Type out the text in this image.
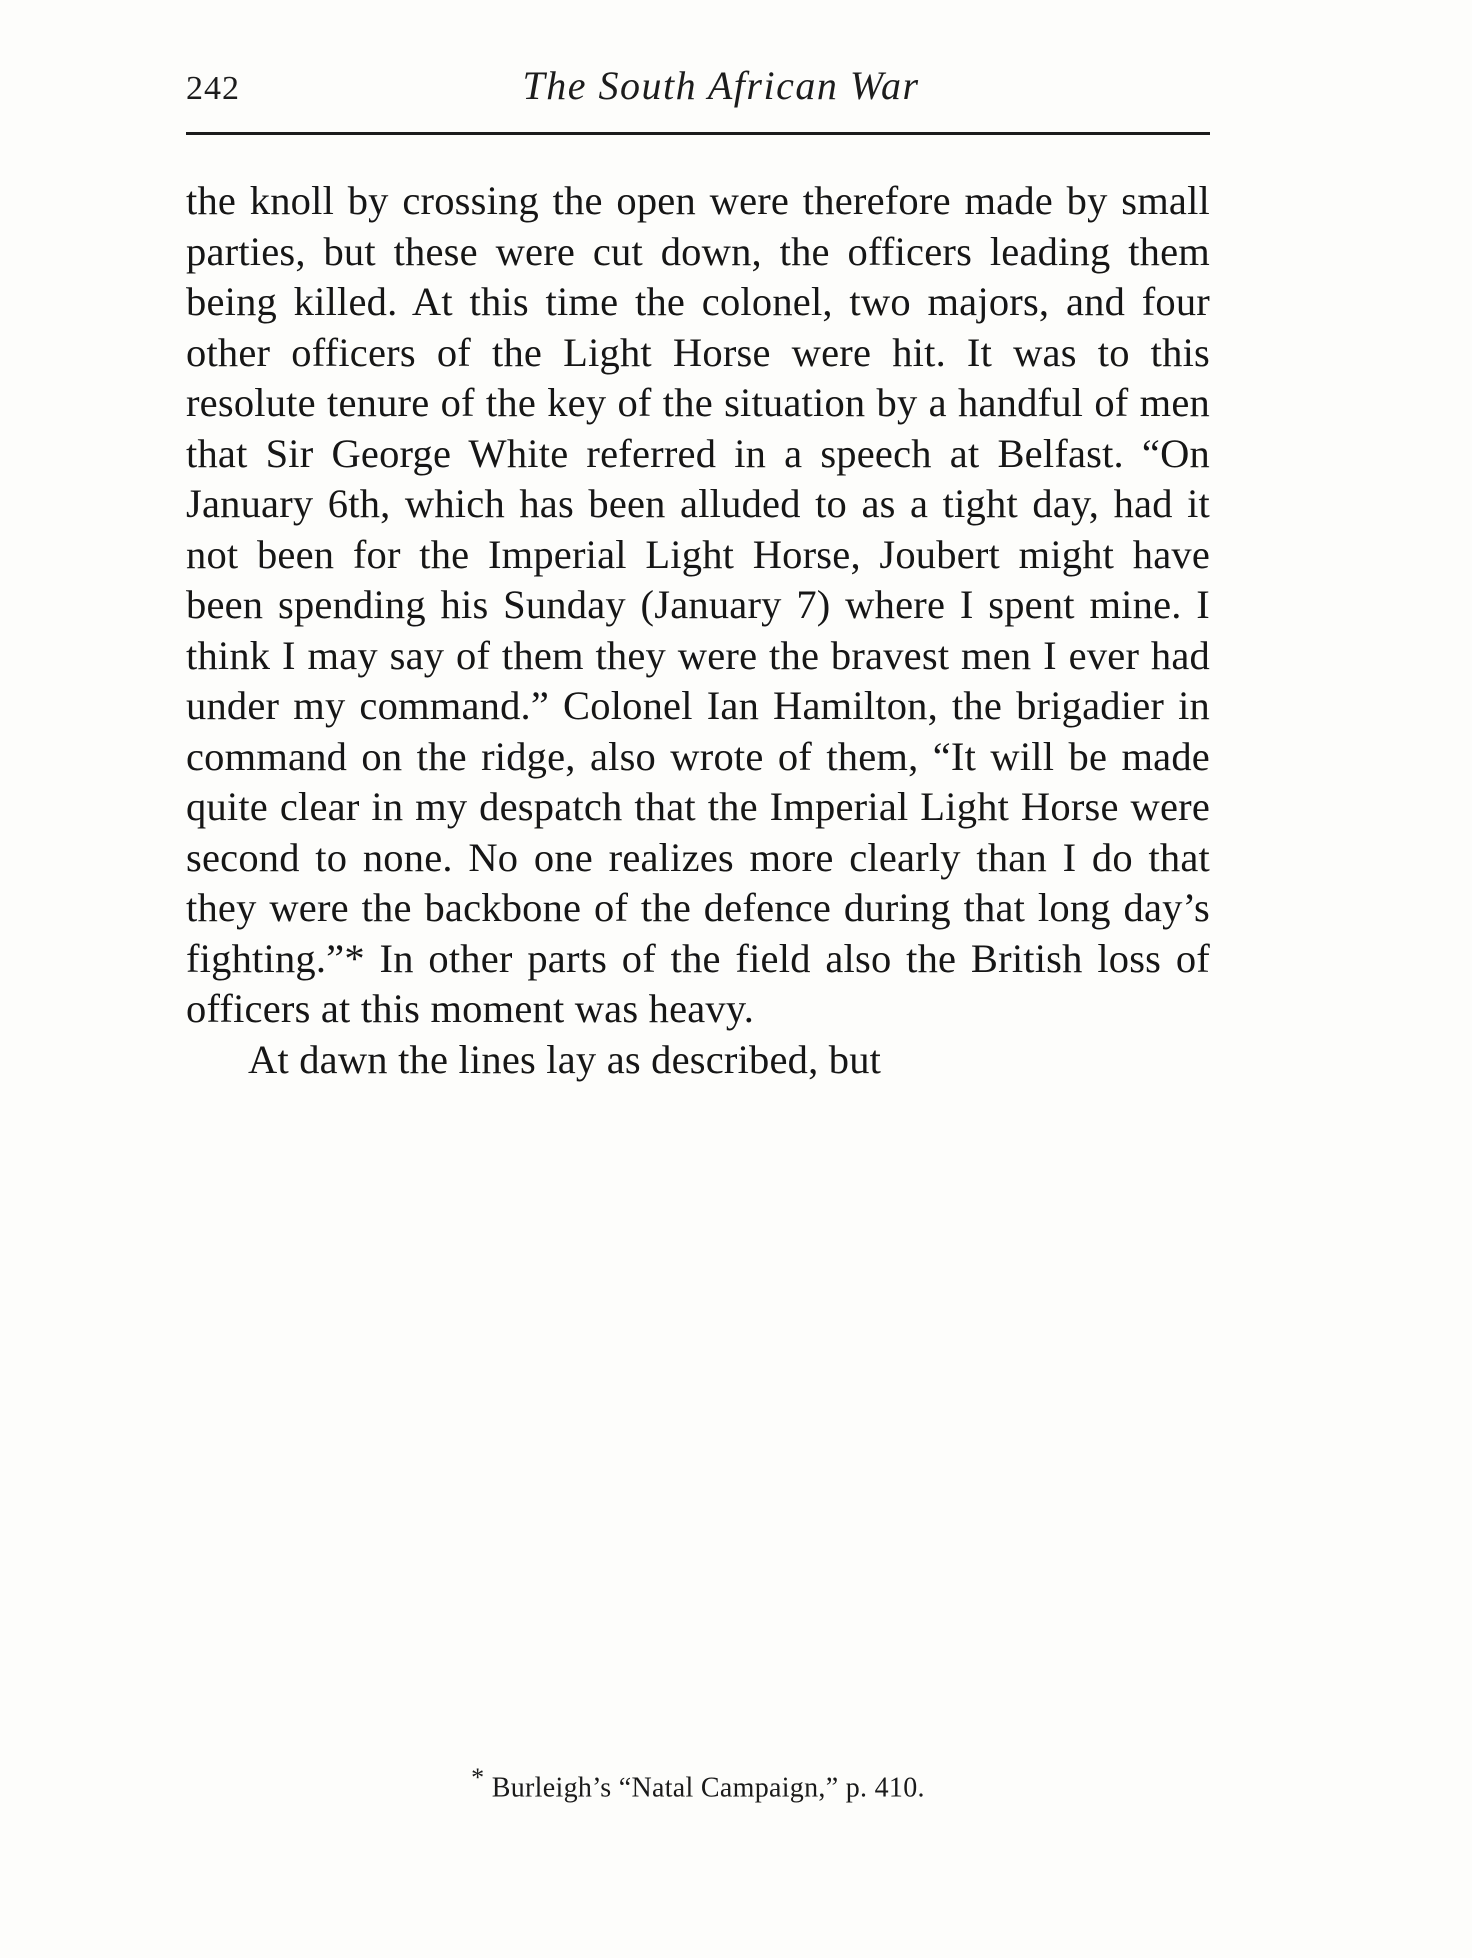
242	The South African War

the knoll by crossing the open were therefore made by small parties, but these were cut down, the officers leading them being killed. At this time the colonel, two majors, and four other officers of the Light Horse were hit. It was to this resolute tenure of the key of the situation by a handful of men that Sir George White referred in a speech at Belfast. “On January 6th, which has been alluded to as a tight day, had it not been for the Imperial Light Horse, Joubert might have been spending his Sunday (January 7) where I spent mine. I think I may say of them they were the bravest men I ever had under my command.” Colonel Ian Hamilton, the brigadier in command on the ridge, also wrote of them, “It will be made quite clear in my despatch that the Imperial Light Horse were second to none. No one realizes more clearly than I do that they were the backbone of the defence during that long day’s fighting.”* In other parts of the field also the British loss of officers at this moment was heavy.

At dawn the lines lay as described, but

* Burleigh’s “Natal Campaign,” p. 410.
